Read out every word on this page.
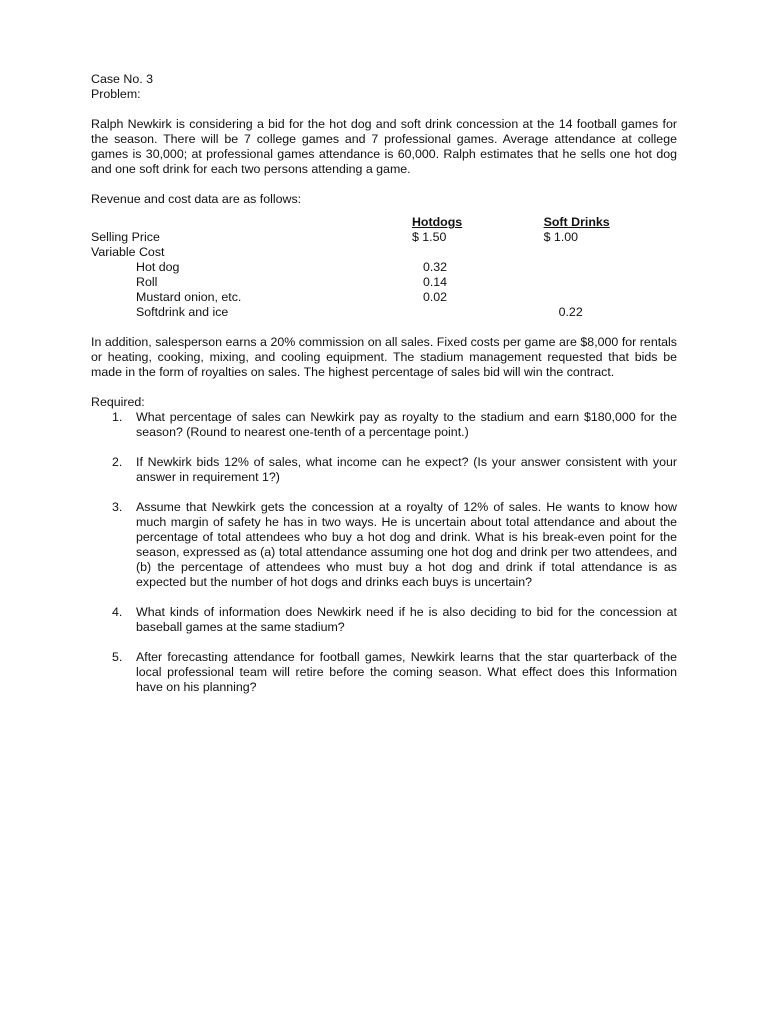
Case No. 3
Problem:

Ralph Newkirk is considering a bid for the hot dog and soft drink concession at the 14 football games for the season. There will be 7 college games and 7 professional games. Average attendance at college games is 30,000; at professional games attendance is 60,000. Ralph estimates that he sells one hot dog and one soft drink for each two persons attending a game.

Revenue and cost data are as follows:

	Hotdogs	Soft Drinks
Selling Price	$ 1.50	$ 1.00
Variable Cost		
Hot dog	0.32	
Roll	0.14	
Mustard onion, etc.	0.02	
Softdrink and ice		0.22

In addition, salesperson earns a 20% commission on all sales. Fixed costs per game are $8,000 for rentals or heating, cooking, mixing, and cooling equipment. The stadium management requested that bids be made in the form of royalties on sales. The highest percentage of sales bid will win the contract.

Required:
1. What percentage of sales can Newkirk pay as royalty to the stadium and earn $180,000 for the season? (Round to nearest one-tenth of a percentage point.)
2. If Newkirk bids 12% of sales, what income can he expect? (Is your answer consistent with your answer in requirement 1?)
3. Assume that Newkirk gets the concession at a royalty of 12% of sales. He wants to know how much margin of safety he has in two ways. He is uncertain about total attendance and about the percentage of total attendees who buy a hot dog and drink. What is his break-even point for the season, expressed as (a) total attendance assuming one hot dog and drink per two attendees, and (b) the percentage of attendees who must buy a hot dog and drink if total attendance is as expected but the number of hot dogs and drinks each buys is uncertain?
4. What kinds of information does Newkirk need if he is also deciding to bid for the concession at baseball games at the same stadium?
5. After forecasting attendance for football games, Newkirk learns that the star quarterback of the local professional team will retire before the coming season. What effect does this Information have on his planning?
